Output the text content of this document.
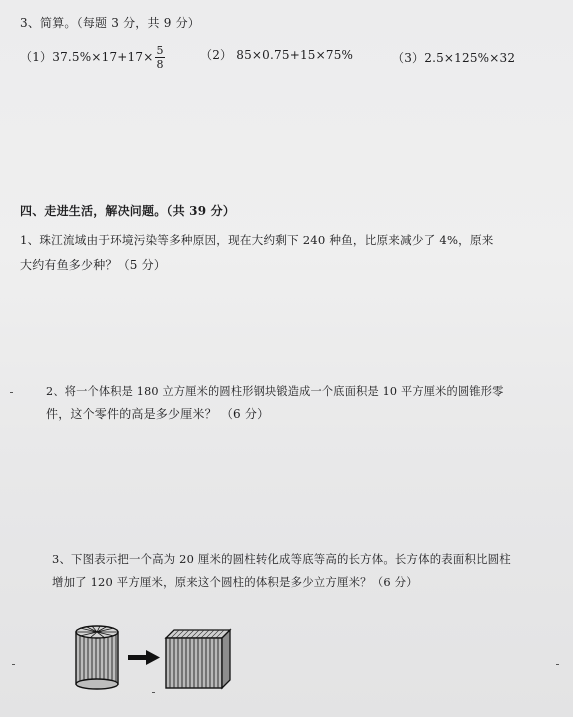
3、简算。（每题 3 分，共 9 分）
$(1)37.5\%\times 17+17\times \frac{5}{8}$	（2） 85×0.75+15×75%	（3）2.5×125%×32
四、走进生活，解决问题。（共 39 分）
1、珠江流域由于环境污染等多种原因，现在大约剩下 240 种鱼，比原来减少了 4%，原来
大约有鱼多少种？（5 分）
2、将一个体积是 180 立方厘米的圆柱形钢块锻造成一个底面积是 10 平方厘米的圆锥形零
件，这个零件的高是多少厘米？ （6 分）
3、下图表示把一个高为 20 厘米的圆柱转化成等底等高的长方体。长方体的表面积比圆柱
增加了 120 平方厘米，原来这个圆柱的体积是多少立方厘米？（6 分）
